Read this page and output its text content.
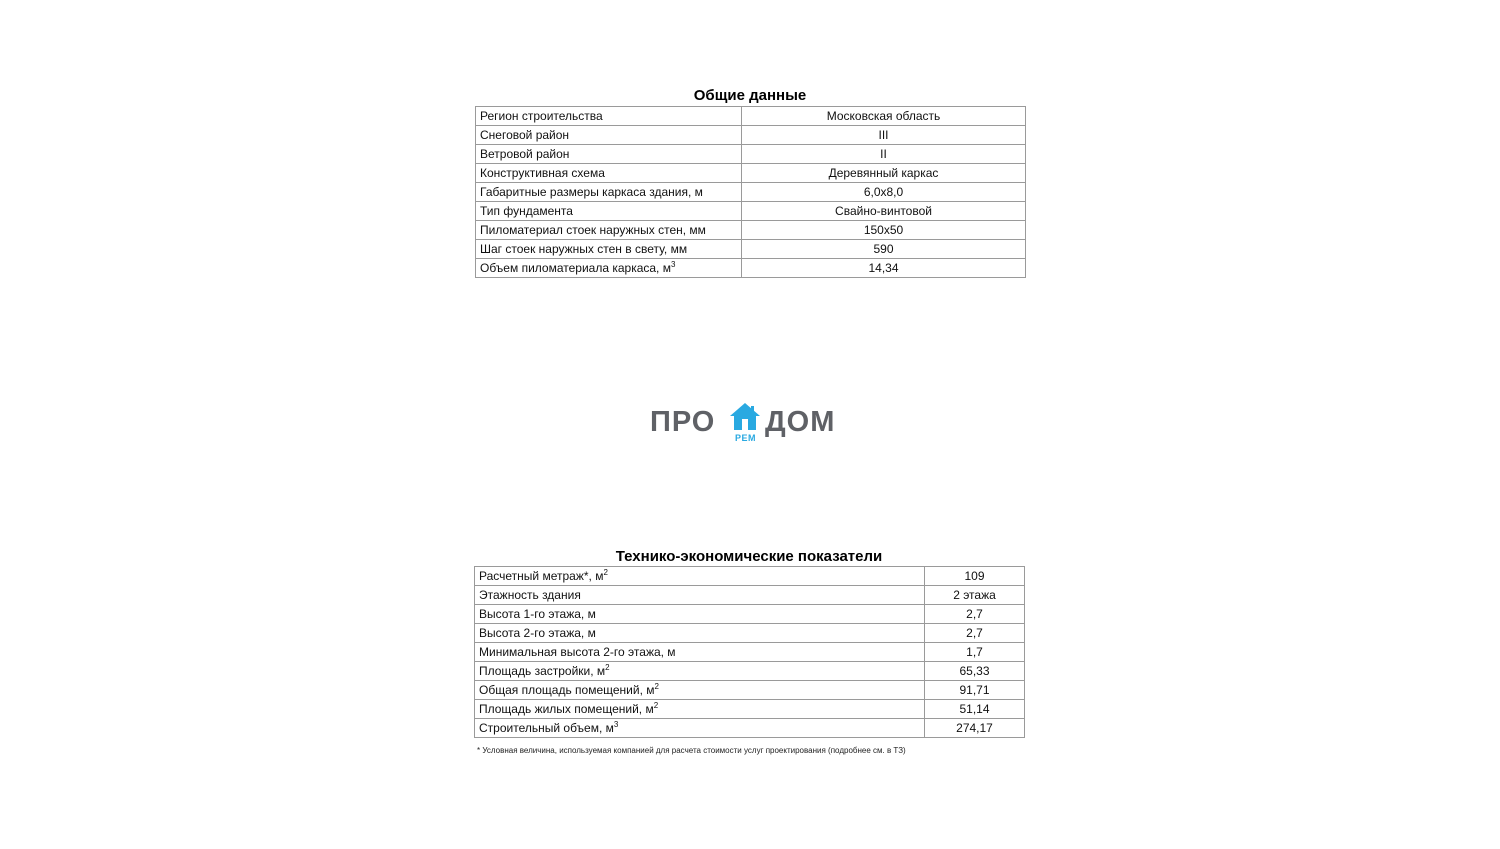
Общие данные
Регион строительства	Московская область
Снеговой район	III
Ветровой район	II
Конструктивная схема	Деревянный каркас
Габаритные размеры каркаса здания, м	6,0х8,0
Тип фундамента	Свайно-винтовой
Пиломатериал стоек наружных стен, мм	150х50
Шаг стоек наружных стен в свету, мм	590
Объем пиломатериала каркаса, $м^3$	14,34
ПРО РЕМ ДОМ
Технико-экономические показатели
Расчетный метраж*, $м^2$	109
Этажность здания	2 этажа
Высота 1-го этажа, м	2,7
Высота 2-го этажа, м	2,7
Минимальная высота 2-го этажа, м	1,7
Площадь застройки, $м^2$	65,33
Общая площадь помещений, $м^2$	91,71
Площадь жилых помещений, $м^2$	51,14
Строительный объем, $м^3$	274,17
* Условная величина, используемая компанией для расчета стоимости услуг проектирования (подробнее см. в ТЗ)
